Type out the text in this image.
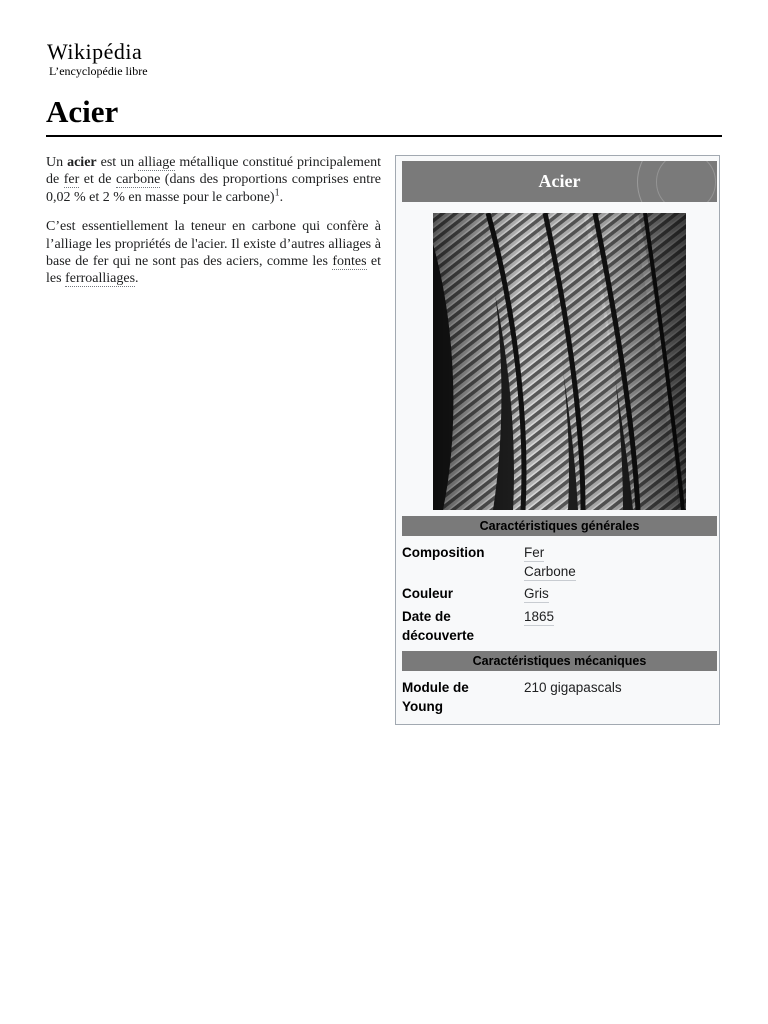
Wikipédia
L’encyclopédie libre
Acier

Un acier est un alliage métallique constitué principalement de fer et de carbone (dans des proportions comprises entre 0,02 % et 2 % en masse pour le carbone)$^1$.

C’est essentiellement la teneur en carbone qui confère à l’alliage les propriétés de l'acier. Il existe d’autres alliages à base de fer qui ne sont pas des aciers, comme les fontes et les ferroalliages.

Acier
Caractéristiques générales
Composition	Fer
Carbone
Couleur	Gris
Date de découverte
1865
Caractéristiques mécaniques
Module de Young
210 gigapascals
